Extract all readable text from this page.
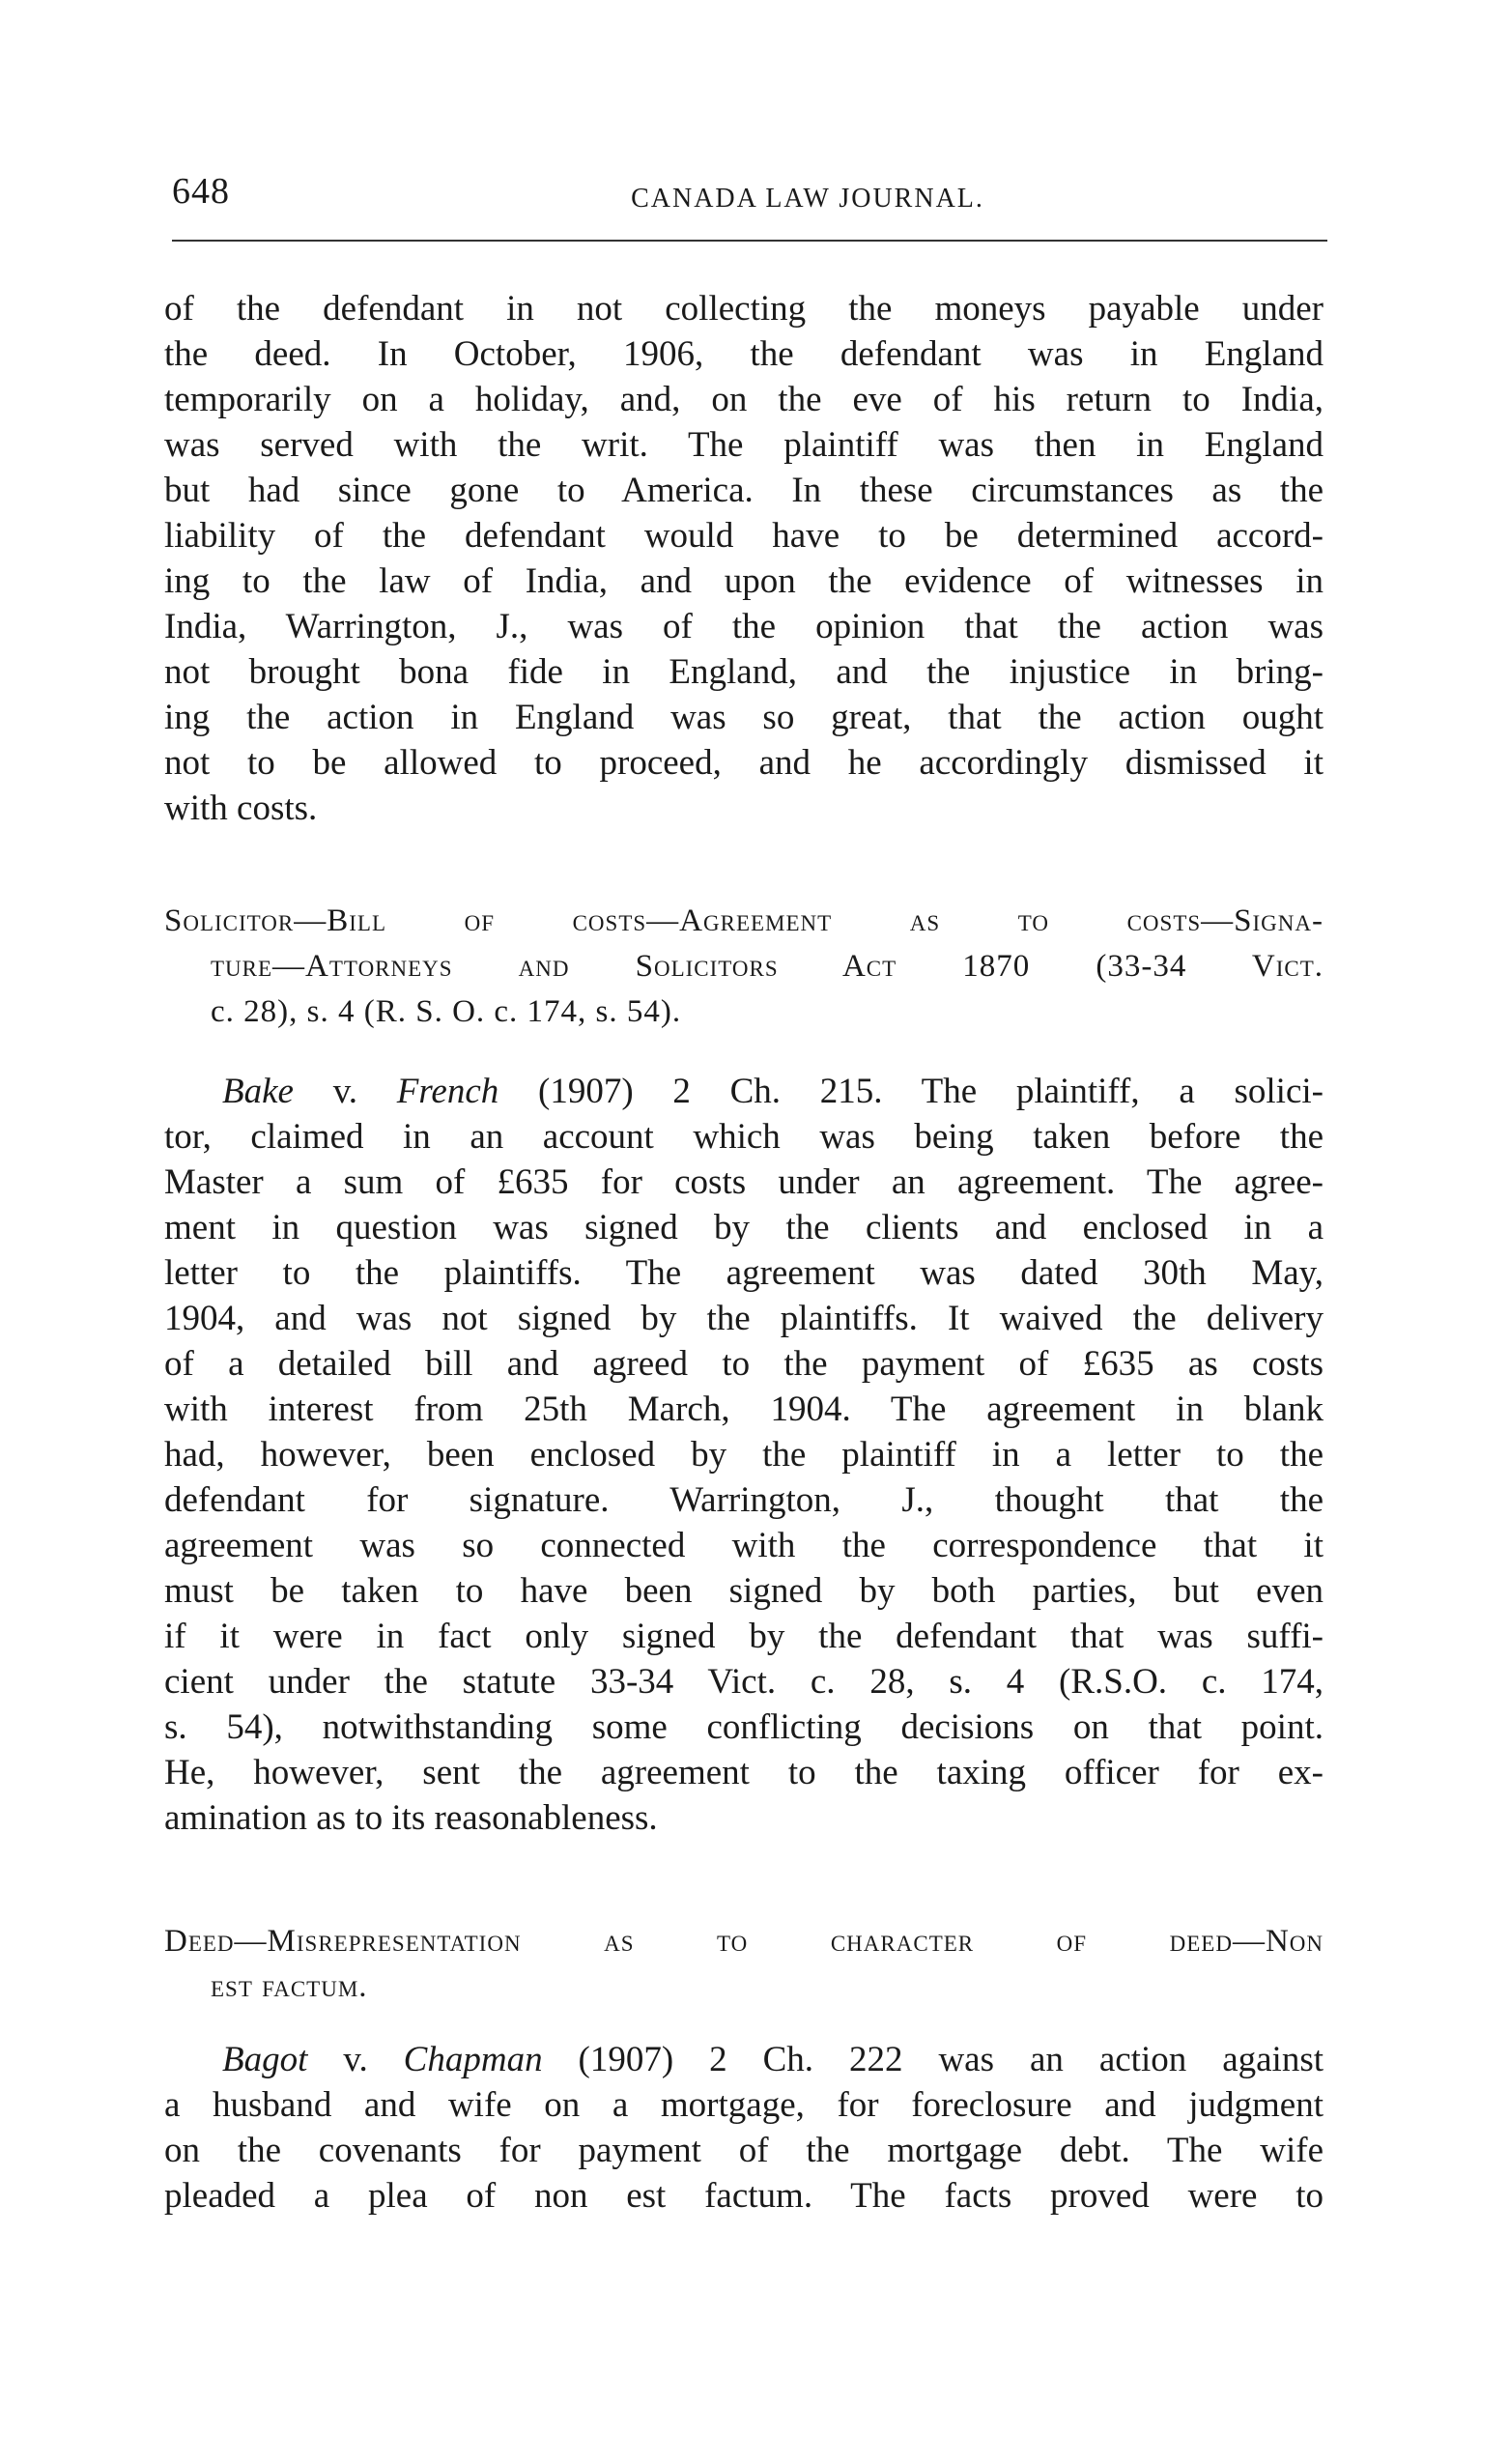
648	CANADA LAW JOURNAL.
of the defendant in not collecting the moneys payable under
the deed. In October, 1906, the defendant was in England
temporarily on a holiday, and, on the eve of his return to India,
was served with the writ. The plaintiff was then in England
but had since gone to America. In these circumstances as the
liability of the defendant would have to be determined accord-
ing to the law of India, and upon the evidence of witnesses in
India, Warrington, J., was of the opinion that the action was
not brought bona fide in England, and the injustice in bring-
ing the action in England was so great, that the action ought
not to be allowed to proceed, and he accordingly dismissed it
with costs.
Solicitor—Bill of costs—Agreement as to costs—Signa-
ture—Attorneys and Solicitors Act 1870 (33-34 Vict.
c. 28), s. 4 (R. S. O. c. 174, s. 54).
Bake v. French (1907) 2 Ch. 215. The plaintiff, a solici-
tor, claimed in an account which was being taken before the
Master a sum of £635 for costs under an agreement. The agree-
ment in question was signed by the clients and enclosed in a
letter to the plaintiffs. The agreement was dated 30th May,
1904, and was not signed by the plaintiffs. It waived the delivery
of a detailed bill and agreed to the payment of £635 as costs
with interest from 25th March, 1904. The agreement in blank
had, however, been enclosed by the plaintiff in a letter to the
defendant for signature. Warrington, J., thought that the
agreement was so connected with the correspondence that it
must be taken to have been signed by both parties, but even
if it were in fact only signed by the defendant that was suffi-
cient under the statute 33-34 Vict. c. 28, s. 4 (R.S.O. c. 174,
s. 54), notwithstanding some conflicting decisions on that point.
He, however, sent the agreement to the taxing officer for ex-
amination as to its reasonableness.
Deed—Misrepresentation as to character of deed—Non
est factum.
Bagot v. Chapman (1907) 2 Ch. 222 was an action against
a husband and wife on a mortgage, for foreclosure and judgment
on the covenants for payment of the mortgage debt. The wife
pleaded a plea of non est factum. The facts proved were to
